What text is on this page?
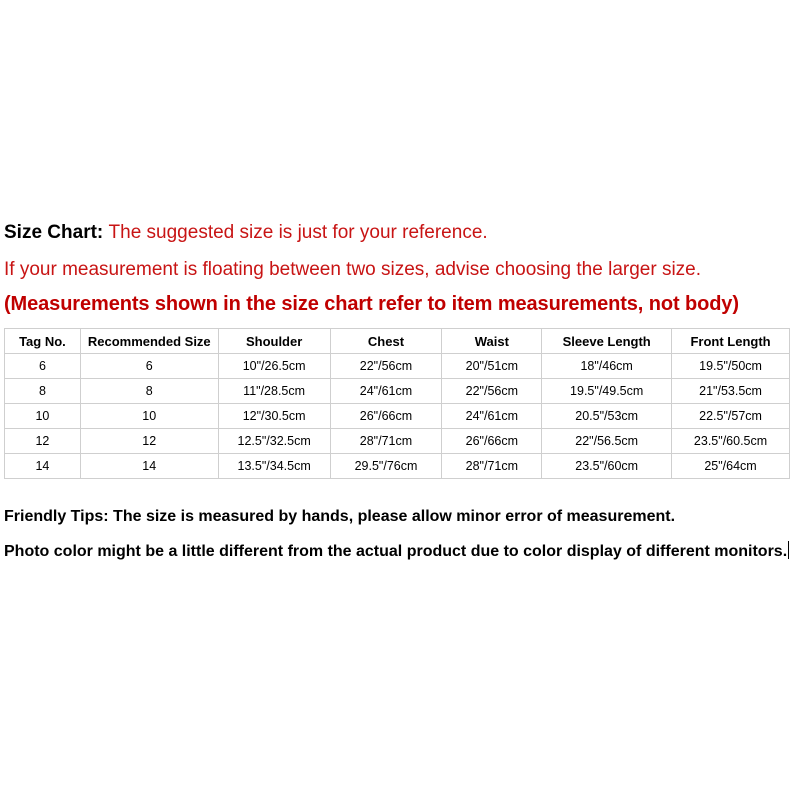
Size Chart: The suggested size is just for your reference.
If your measurement is floating between two sizes, advise choosing the larger size.
(Measurements shown in the size chart refer to item measurements, not body)
Tag No.	Recommended Size	Shoulder	Chest	Waist	Sleeve Length	Front Length
6	6	10"/26.5cm	22"/56cm	20"/51cm	18"/46cm	19.5"/50cm
8	8	11"/28.5cm	24"/61cm	22"/56cm	19.5"/49.5cm	21"/53.5cm
10	10	12"/30.5cm	26"/66cm	24"/61cm	20.5"/53cm	22.5"/57cm
12	12	12.5"/32.5cm	28"/71cm	26"/66cm	22"/56.5cm	23.5"/60.5cm
14	14	13.5"/34.5cm	29.5"/76cm	28"/71cm	23.5"/60cm	25"/64cm
Friendly Tips: The size is measured by hands, please allow minor error of measurement.
Photo color might be a little different from the actual product due to color display of different monitors.
